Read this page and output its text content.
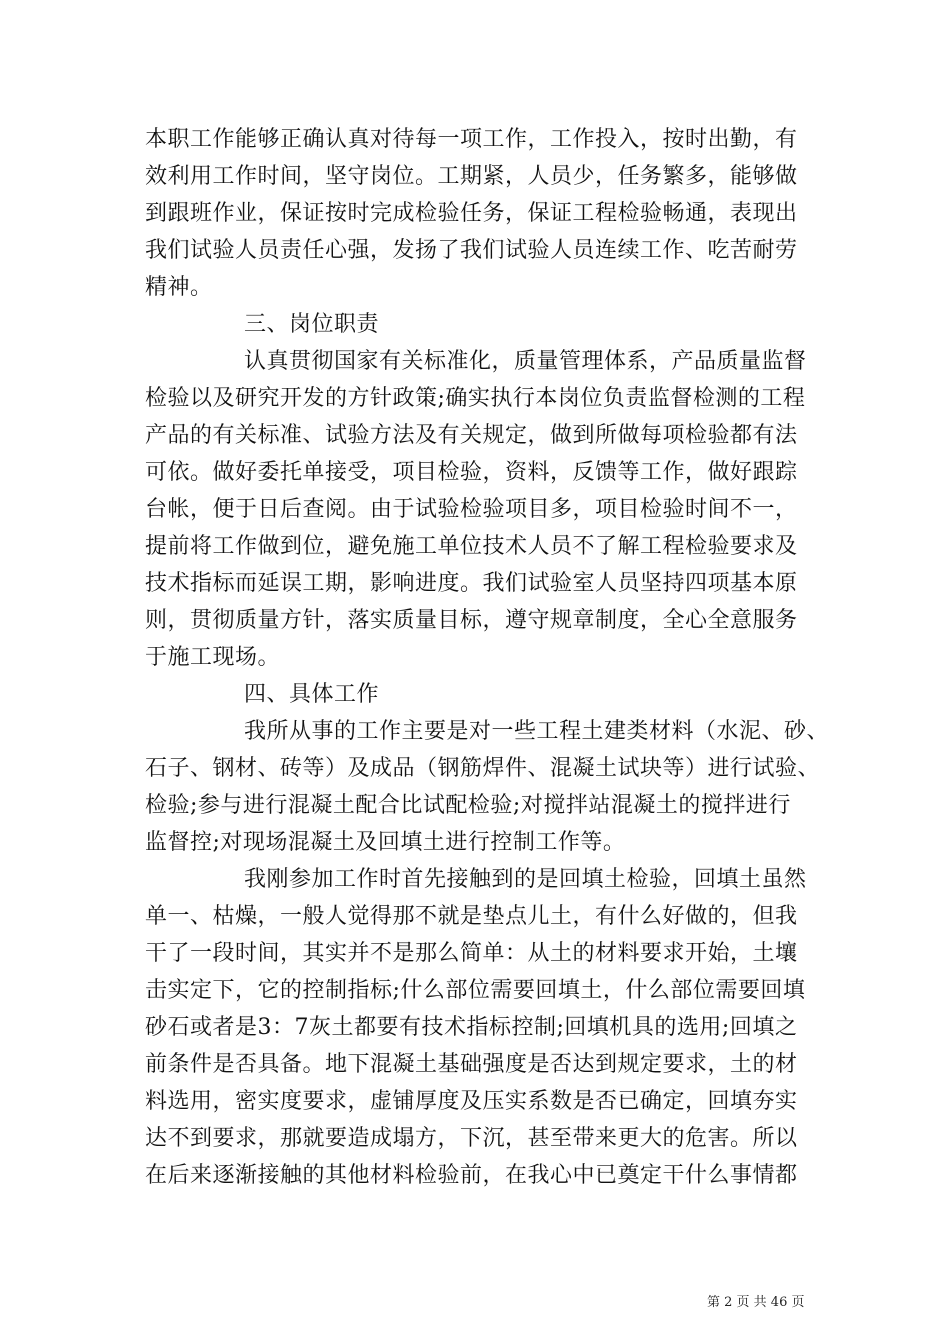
本职工作能够正确认真对待每一项工作，工作投入，按时出勤，有
效利用工作时间，坚守岗位。工期紧，人员少，任务繁多，能够做
到跟班作业，保证按时完成检验任务，保证工程检验畅通，表现出
我们试验人员责任心强，发扬了我们试验人员连续工作、吃苦耐劳
精神。
三、岗位职责
认真贯彻国家有关标准化，质量管理体系，产品质量监督
检验以及研究开发的方针政策;确实执行本岗位负责监督检测的工程
产品的有关标准、试验方法及有关规定，做到所做每项检验都有法
可依。做好委托单接受，项目检验，资料，反馈等工作，做好跟踪
台帐，便于日后查阅。由于试验检验项目多，项目检验时间不一，
提前将工作做到位，避免施工单位技术人员不了解工程检验要求及
技术指标而延误工期，影响进度。我们试验室人员坚持四项基本原
则，贯彻质量方针，落实质量目标，遵守规章制度，全心全意服务
于施工现场。
四、具体工作
我所从事的工作主要是对一些工程土建类材料（水泥、砂、
石子、钢材、砖等）及成品（钢筋焊件、混凝土试块等）进行试验、
检验;参与进行混凝土配合比试配检验;对搅拌站混凝土的搅拌进行
监督控;对现场混凝土及回填土进行控制工作等。
我刚参加工作时首先接触到的是回填土检验，回填土虽然
单一、枯燥，一般人觉得那不就是垫点儿土，有什么好做的，但我
干了一段时间，其实并不是那么简单：从土的材料要求开始，土壤
击实定下，它的控制指标;什么部位需要回填土，什么部位需要回填
砂石或者是3：7灰土都要有技术指标控制;回填机具的选用;回填之
前条件是否具备。地下混凝土基础强度是否达到规定要求，土的材
料选用，密实度要求，虚铺厚度及压实系数是否已确定，回填夯实
达不到要求，那就要造成塌方，下沉，甚至带来更大的危害。所以
在后来逐渐接触的其他材料检验前，在我心中已奠定干什么事情都
第 2 页 共 46 页
